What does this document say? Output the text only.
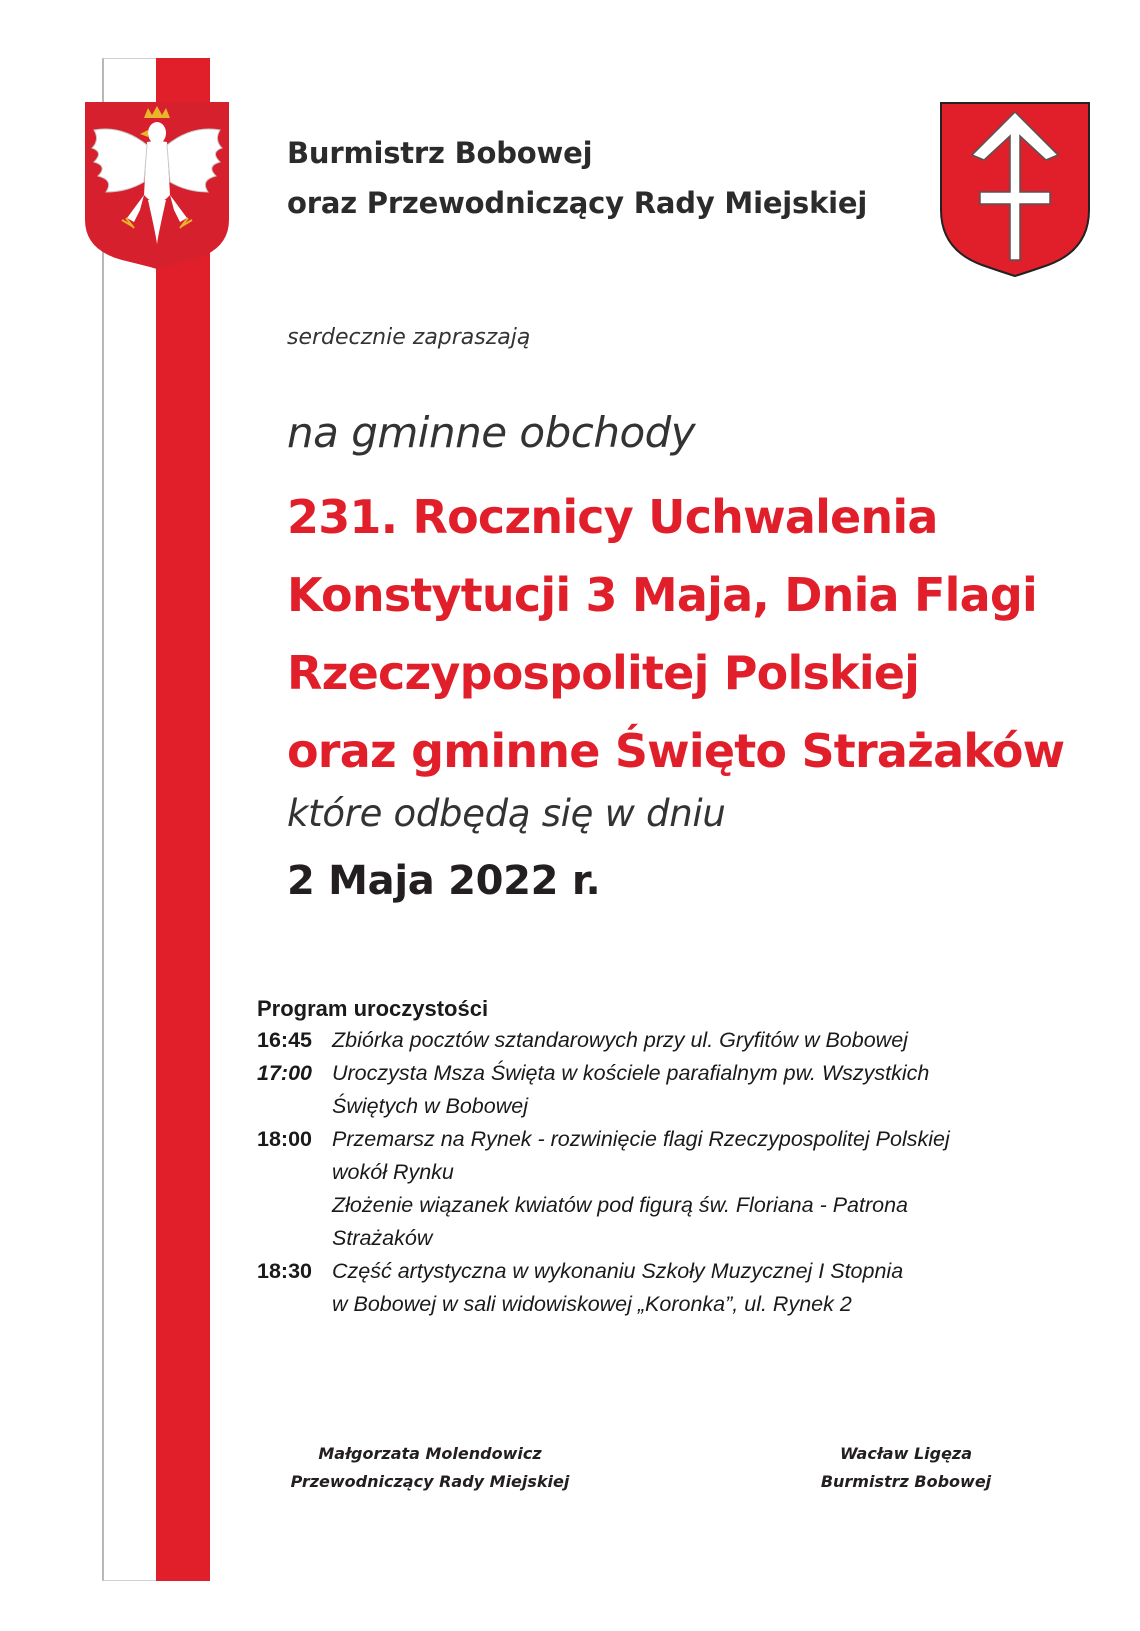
Burmistrz Bobowej
oraz Przewodniczący Rady Miejskiej
serdecznie zapraszają
na gminne obchody
231. Rocznicy Uchwalenia
Konstytucji 3 Maja, Dnia Flagi
Rzeczypospolitej Polskiej
oraz gminne Święto Strażaków
które odbędą się w dniu
2 Maja 2022 r.
Program uroczystości
16:45 Zbiórka pocztów sztandarowych przy ul. Gryfitów w Bobowej
17:00 Uroczysta Msza Święta w kościele parafialnym pw. Wszystkich
Świętych w Bobowej
18:00 Przemarsz na Rynek - rozwinięcie flagi Rzeczypospolitej Polskiej
wokół Rynku
Złożenie wiązanek kwiatów pod figurą św. Floriana - Patrona
Strażaków
18:30 Część artystyczna w wykonaniu Szkoły Muzycznej I Stopnia
w Bobowej w sali widowiskowej „Koronka”, ul. Rynek 2
Małgorzata Molendowicz
Przewodniczący Rady Miejskiej
Wacław Ligęza
Burmistrz Bobowej
